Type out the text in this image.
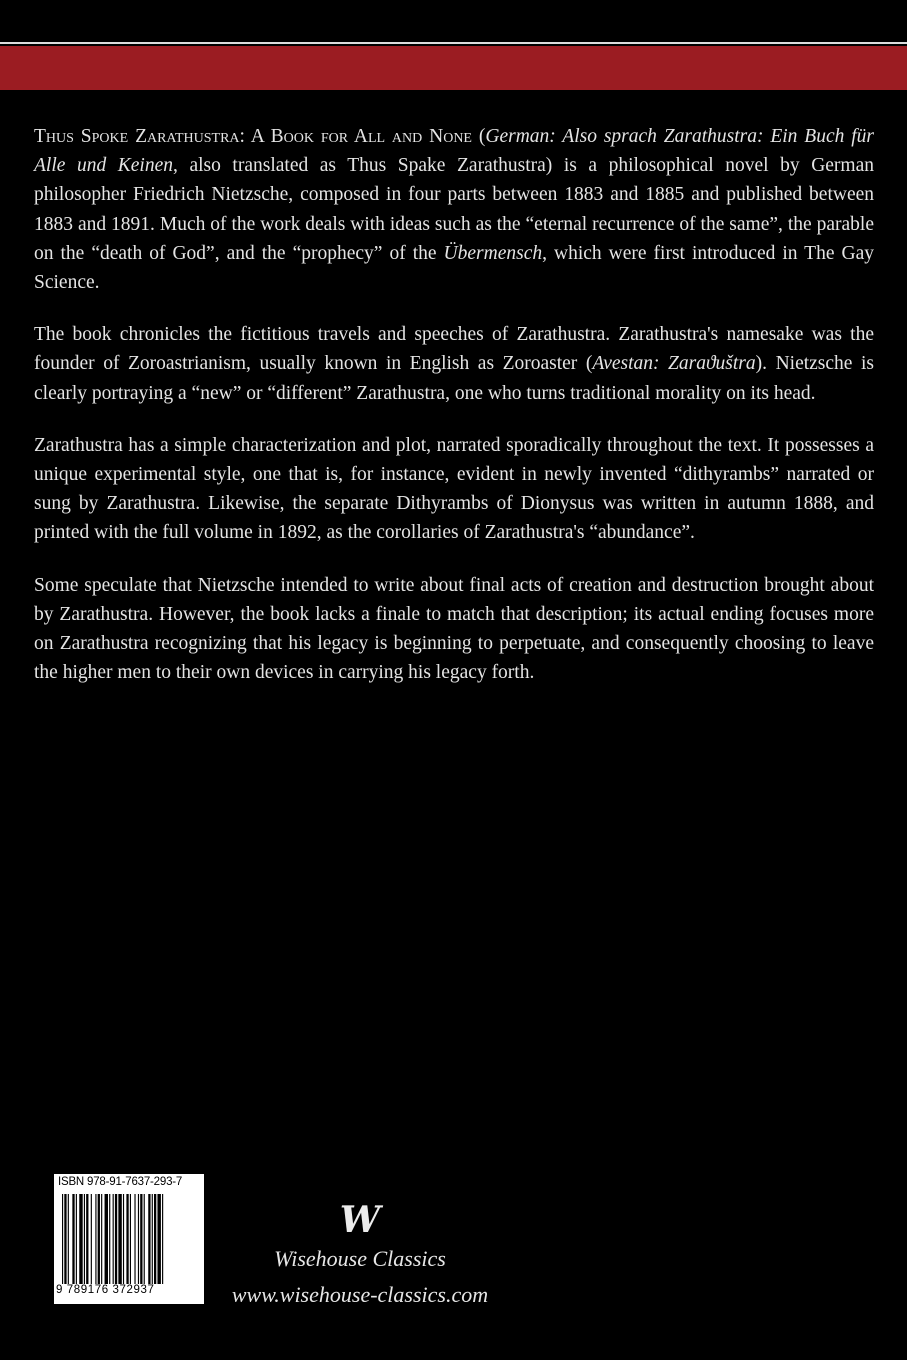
Thus Spoke Zarathustra: A Book for All and None (German: Also sprach Zarathustra: Ein Buch für Alle und Keinen, also translated as Thus Spake Zarathustra) is a philosophical novel by German philosopher Friedrich Nietzsche, composed in four parts between 1883 and 1885 and published between 1883 and 1891. Much of the work deals with ideas such as the “eternal recurrence of the same”, the parable on the “death of God”, and the “prophecy” of the Übermensch, which were first introduced in The Gay Science.

The book chronicles the fictitious travels and speeches of Zarathustra. Zarathustra's namesake was the founder of Zoroastrianism, usually known in English as Zoroaster (Avestan: Zaraϑuštra). Nietzsche is clearly portraying a “new” or “different” Zarathustra, one who turns traditional morality on its head.

Zarathustra has a simple characterization and plot, narrated sporadically throughout the text. It possesses a unique experimental style, one that is, for instance, evident in newly invented “dithyrambs” narrated or sung by Zarathustra. Likewise, the separate Dithyrambs of Dionysus was written in autumn 1888, and printed with the full volume in 1892, as the corollaries of Zarathustra's “abundance”.

Some speculate that Nietzsche intended to write about final acts of creation and destruction brought about by Zarathustra. However, the book lacks a finale to match that description; its actual ending focuses more on Zarathustra recognizing that his legacy is beginning to perpetuate, and consequently choosing to leave the higher men to their own devices in carrying his legacy forth.

ISBN 978-91-7637-293-7
9 789176 372937
W
Wisehouse Classics
www.wisehouse-classics.com
